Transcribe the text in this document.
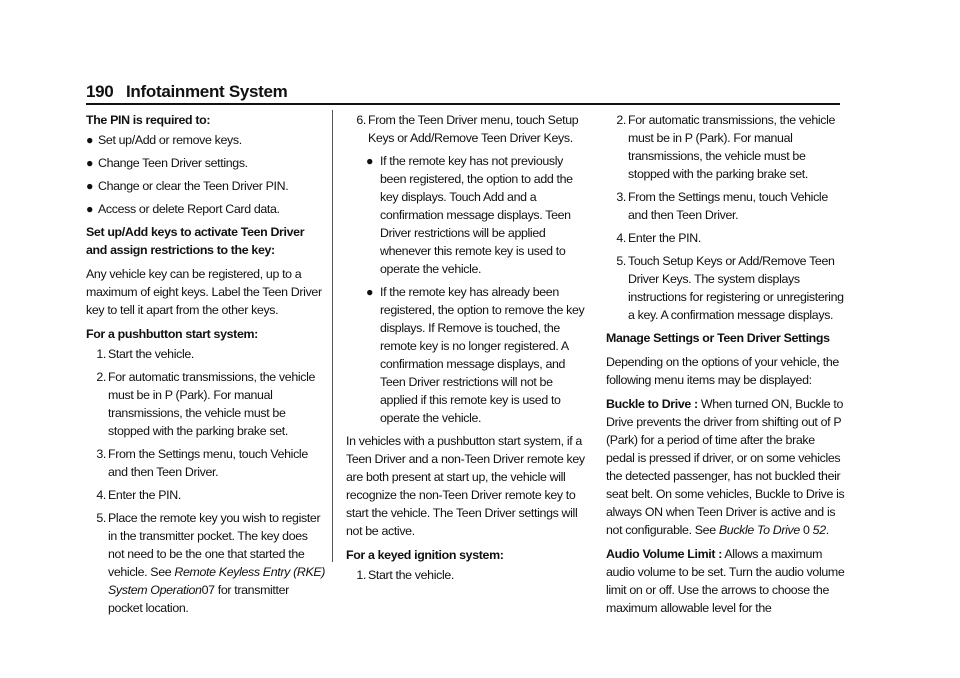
190 Infotainment System

The PIN is required to:

● Set up/Add or remove keys.
● Change Teen Driver settings.
● Change or clear the Teen Driver PIN.
● Access or delete Report Card data.

Set up/Add keys to activate Teen Driver and assign restrictions to the key:

Any vehicle key can be registered, up to a maximum of eight keys. Label the Teen Driver key to tell it apart from the other keys.

For a pushbutton start system:

1. Start the vehicle.
2. For automatic transmissions, the vehicle must be in P (Park). For manual transmissions, the vehicle must be stopped with the parking brake set.
3. From the Settings menu, touch Vehicle and then Teen Driver.
4. Enter the PIN.
5. Place the remote key you wish to register in the transmitter pocket. The key does not need to be the one that started the vehicle. See Remote Keyless Entry (RKE) System Operation07 for transmitter pocket location.
6. From the Teen Driver menu, touch Setup Keys or Add/Remove Teen Driver Keys.
● If the remote key has not previously been registered, the option to add the key displays. Touch Add and a confirmation message displays. Teen Driver restrictions will be applied whenever this remote key is used to operate the vehicle.
● If the remote key has already been registered, the option to remove the key displays. If Remove is touched, the remote key is no longer registered. A confirmation message displays, and Teen Driver restrictions will not be applied if this remote key is used to operate the vehicle.

In vehicles with a pushbutton start system, if a Teen Driver and a non-Teen Driver remote key are both present at start up, the vehicle will recognize the non-Teen Driver remote key to start the vehicle. The Teen Driver settings will not be active.

For a keyed ignition system:

1. Start the vehicle.
2. For automatic transmissions, the vehicle must be in P (Park). For manual transmissions, the vehicle must be stopped with the parking brake set.
3. From the Settings menu, touch Vehicle and then Teen Driver.
4. Enter the PIN.
5. Touch Setup Keys or Add/Remove Teen Driver Keys. The system displays instructions for registering or unregistering a key. A confirmation message displays.

Manage Settings or Teen Driver Settings

Depending on the options of your vehicle, the following menu items may be displayed:

Buckle to Drive : When turned ON, Buckle to Drive prevents the driver from shifting out of P (Park) for a period of time after the brake pedal is pressed if driver, or on some vehicles the detected passenger, has not buckled their seat belt. On some vehicles, Buckle to Drive is always ON when Teen Driver is active and is not configurable. See Buckle To Drive 0 52.

Audio Volume Limit : Allows a maximum audio volume to be set. Turn the audio volume limit on or off. Use the arrows to choose the maximum allowable level for the
